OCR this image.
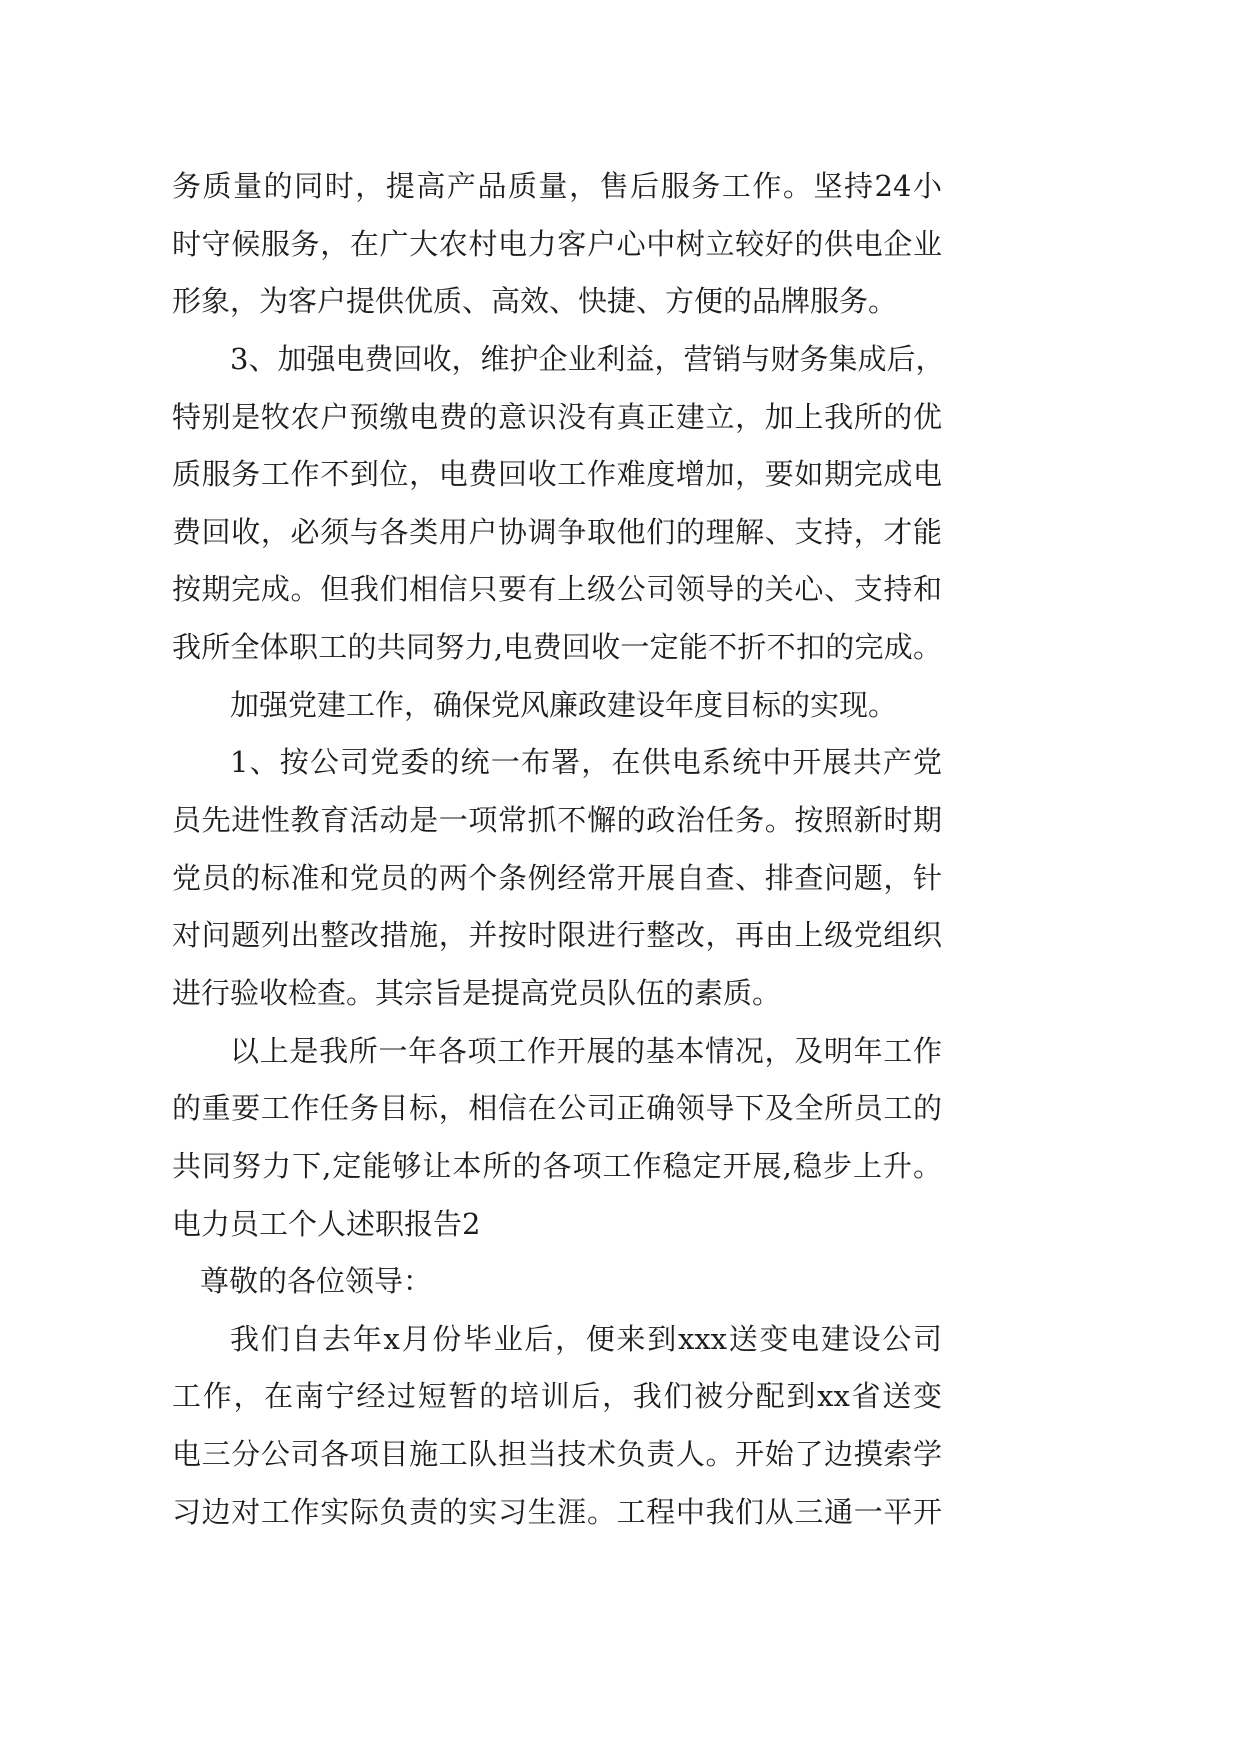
务质量的同时，提高产品质量，售后服务工作。坚持24小
时守候服务，在广大农村电力客户心中树立较好的供电企业
形象，为客户提供优质、高效、快捷、方便的品牌服务。
3、加强电费回收，维护企业利益，营销与财务集成后，
特别是牧农户预缴电费的意识没有真正建立，加上我所的优
质服务工作不到位，电费回收工作难度增加，要如期完成电
费回收，必须与各类用户协调争取他们的理解、支持，才能
按期完成。但我们相信只要有上级公司领导的关心、支持和
我所全体职工的共同努力,电费回收一定能不折不扣的完成。
加强党建工作，确保党风廉政建设年度目标的实现。
1、按公司党委的统一布署，在供电系统中开展共产党
员先进性教育活动是一项常抓不懈的政治任务。按照新时期
党员的标准和党员的两个条例经常开展自查、排查问题，针
对问题列出整改措施，并按时限进行整改，再由上级党组织
进行验收检查。其宗旨是提高党员队伍的素质。
以上是我所一年各项工作开展的基本情况，及明年工作
的重要工作任务目标，相信在公司正确领导下及全所员工的
共同努力下,定能够让本所的各项工作稳定开展,稳步上升。
电力员工个人述职报告2
尊敬的各位领导：
我们自去年x月份毕业后，便来到xxx送变电建设公司
工作，在南宁经过短暂的培训后，我们被分配到xx省送变
电三分公司各项目施工队担当技术负责人。开始了边摸索学
习边对工作实际负责的实习生涯。工程中我们从三通一平开
